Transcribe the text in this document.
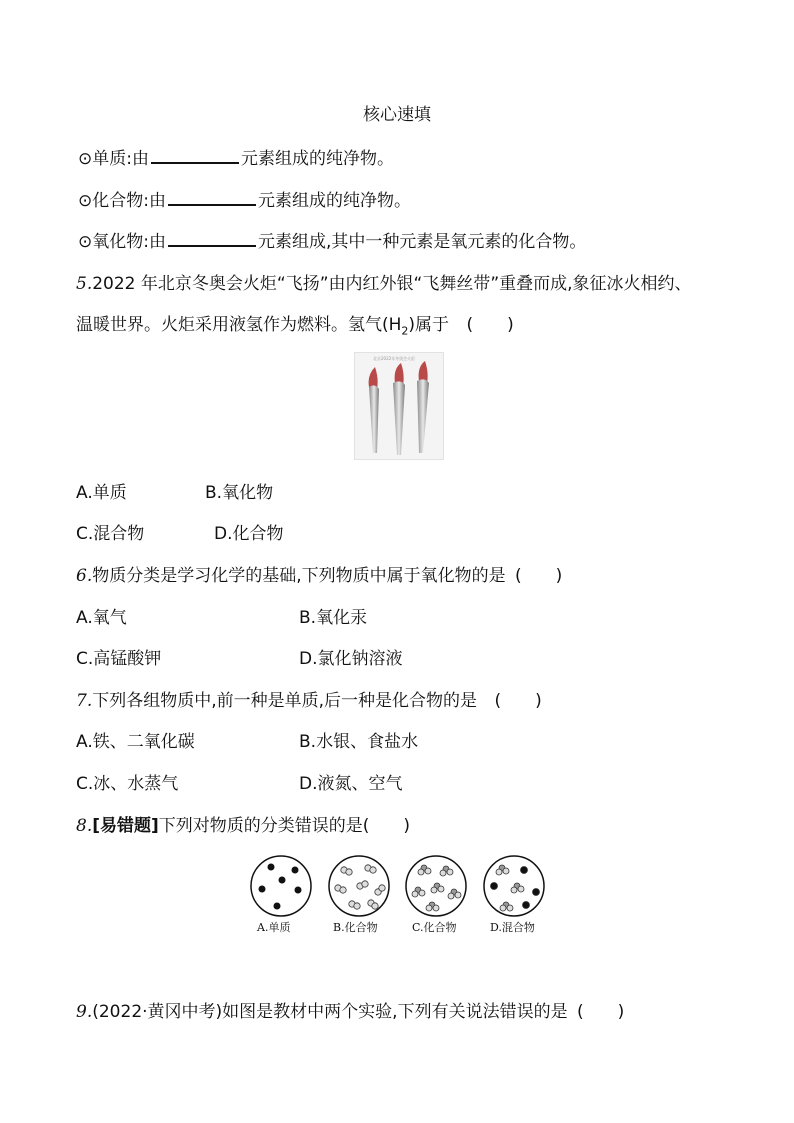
核心速填
⊙单质:由	元素组成的纯净物。
⊙化合物:由	元素组成的纯净物。
⊙氧化物:由	元素组成,其中一种元素是氧元素的化合物。
5.2022 年北京冬奥会火炬“飞扬”由内红外银“飞舞丝带”重叠而成,象征冰火相约、
温暖世界。火炬采用液氢作为燃料。氢气$(H_2)$属于 (　　)
北京2022年冬奥会火炬
A.单质	B.氧化物
C.混合物	D.化合物
6.物质分类是学习化学的基础,下列物质中属于氧化物的是 (　　)
A.氧气	B.氧化汞
C.高锰酸钾	D.氯化钠溶液
7.下列各组物质中,前一种是单质,后一种是化合物的是 (　　)
A.铁、二氧化碳	B.水银、食盐水
C.冰、水蒸气	D.液氮、空气
8.[易错题]下列对物质的分类错误的是(　　)
A.单质	B.化合物	C.化合物	D.混合物
9.(2022·黄冈中考)如图是教材中两个实验,下列有关说法错误的是 (　　)
